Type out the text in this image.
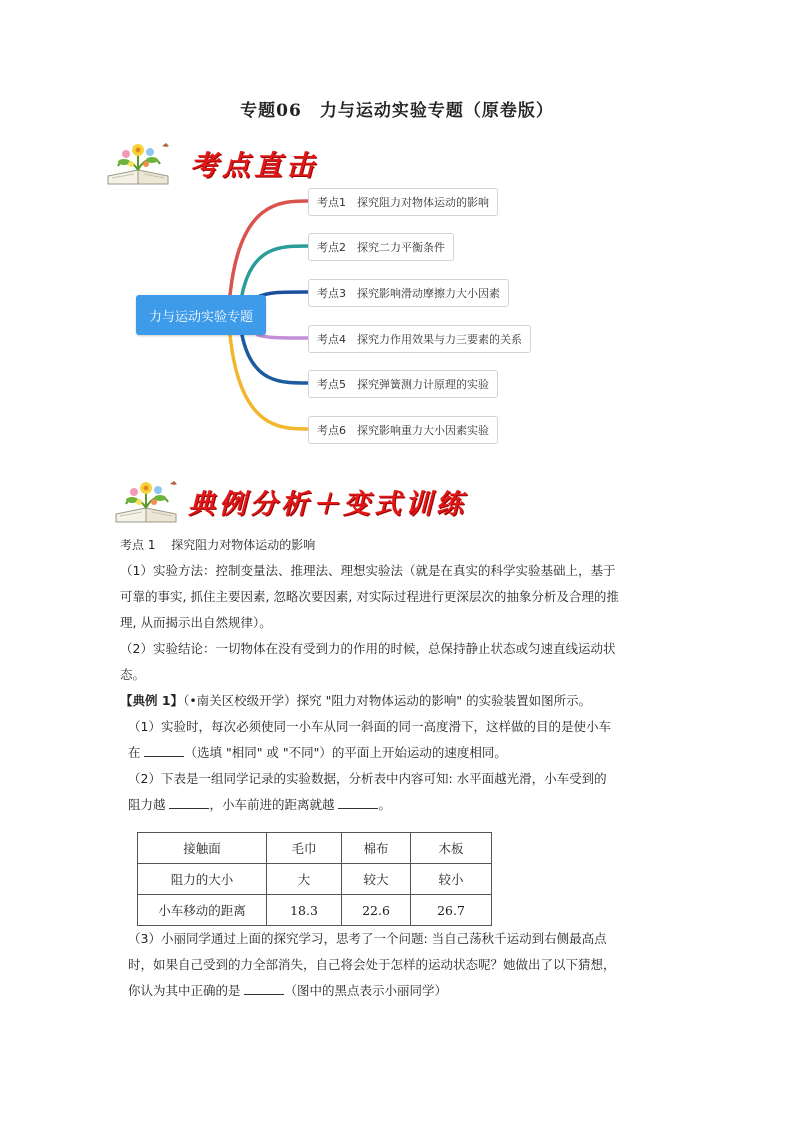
专题06　力与运动实验专题（原卷版）
考点直击
力与运动实验专题
考点1　探究阻力对物体运动的影响
考点2　探究二力平衡条件
考点3　探究影响滑动摩擦力大小因素
考点4　探究力作用效果与力三要素的关系
考点5　探究弹簧测力计原理的实验
考点6　探究影响重力大小因素实验
典例分析＋变式训练

考点 1　 探究阻力对物体运动的影响

（1）实验方法：控制变量法、推理法、理想实验法（就是在真实的科学实验基础上，基于

可靠的事实, 抓住主要因素, 忽略次要因素, 对实际过程进行更深层次的抽象分析及合理的推

理, 从而揭示出自然规律）。

（2）实验结论：一切物体在没有受到力的作用的时候，总保持静止状态或匀速直线运动状

态。

【典例 1】（•南关区校级开学）探究 "阻力对物体运动的影响" 的实验装置如图所示。

（1）实验时，每次必须使同一小车从同一斜面的同一高度滑下，这样做的目的是使小车

在	（选填 "相同" 或 "不同"）的平面上开始运动的速度相同。

（2）下表是一组同学记录的实验数据，分析表中内容可知: 水平面越光滑，小车受到的

阻力越	，小车前进的距离就越	。

接触面	毛巾	棉布	木板
阻力的大小	大	较大	较小
小车移动的距离	18.3	22.6	26.7

（3）小丽同学通过上面的探究学习，思考了一个问题: 当自己荡秋千运动到右侧最高点

时，如果自己受到的力全部消失，自己将会处于怎样的运动状态呢？她做出了以下猜想，

你认为其中正确的是	（图中的黑点表示小丽同学）
